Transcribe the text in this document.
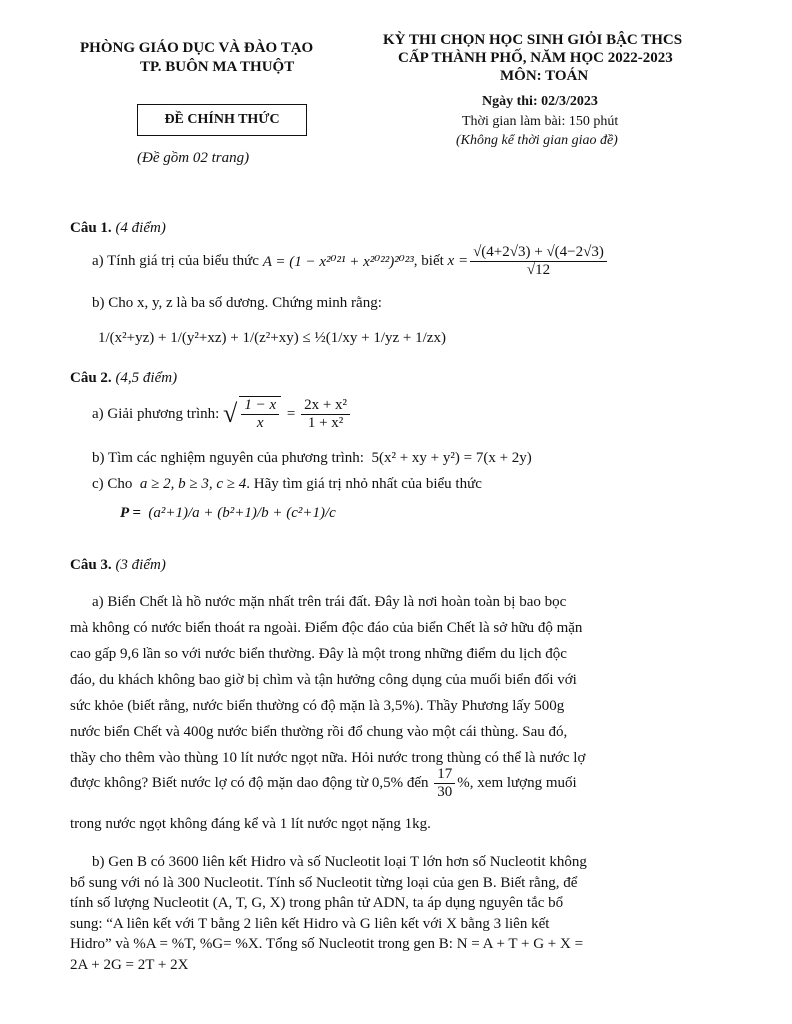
PHÒNG GIÁO DỤC VÀ ĐÀO TẠO
TP. BUÔN MA THUỘT
ĐỀ CHÍNH THỨC
(Đề gồm 02 trang)
KỲ THI CHỌN HỌC SINH GIỎI BẬC THCS
CẤP THÀNH PHỐ, NĂM HỌC 2022-2023
MÔN: TOÁN
Ngày thi: 02/3/2023
Thời gian làm bài: 150 phút
(Không kể thời gian giao đề)
Câu 1. (4 điểm)
a) Tính giá trị của biểu thức
A = (1 − x²⁰²¹ + x²⁰²²)²⁰²³ , biết
$x = \frac{√(4+2√3) + √(4-2√3)}{√12}$
b) Cho x, y, z là ba số dương. Chứng minh rằng:
1/(x²+yz) + 1/(y²+xz) + 1/(z²+xy) ≤ ½(1/xy + 1/yz + 1/zx)
Câu 2. (4,5 điểm)
a) Giải phương trình:
√ $\frac{1 - x}{x} = \frac{\text{2x + x²}}{\text{1 + x²}}$
b) Tìm các nghiệm nguyên của phương trình: 5(x² + xy + y²) = 7(x + 2y)
c) Cho a ≥ 2, b ≥ 3, c ≥ 4. Hãy tìm giá trị nhỏ nhất của biểu thức
P = (a²+1)/a + (b²+1)/b + (c²+1)/c
Câu 3. (3 điểm)
a) Biển Chết là hồ nước mặn nhất trên trái đất. Đây là nơi hoàn toàn bị bao bọc
mà không có nước biển thoát ra ngoài. Điểm độc đáo của biển Chết là sở hữu độ mặn
cao gấp 9,6 lần so với nước biển thường. Đây là một trong những điểm du lịch độc
đáo, du khách không bao giờ bị chìm và tận hưởng công dụng của muối biển đối với
sức khỏe (biết rằng, nước biển thường có độ mặn là 3,5%). Thầy Phương lấy 500g
nước biển Chết và 400g nước biển thường rồi đổ chung vào một cái thùng. Sau đó,
thầy cho thêm vào thùng 10 lít nước ngọt nữa. Hỏi nước trong thùng có thể là nước lợ
được không? Biết nước lợ có độ mặn dao động từ 0,5% đến
$\frac{17}{30}$ %, xem lượng muối
trong nước ngọt không đáng kể và 1 lít nước ngọt nặng 1kg.
b) Gen B có 3600 liên kết Hidro và số Nucleotit loại T lớn hơn số Nucleotit không
bổ sung với nó là 300 Nucleotit. Tính số Nucleotit từng loại của gen B. Biết rằng, để
tính số lượng Nucleotit (A, T, G, X) trong phân tử ADN, ta áp dụng nguyên tắc bổ
sung: “A liên kết với T bằng 2 liên kết Hidro và G liên kết với X bằng 3 liên kết
Hidro” và %A = %T, %G= %X. Tổng số Nucleotit trong gen B: N = A + T + G + X =
2A + 2G = 2T + 2X
